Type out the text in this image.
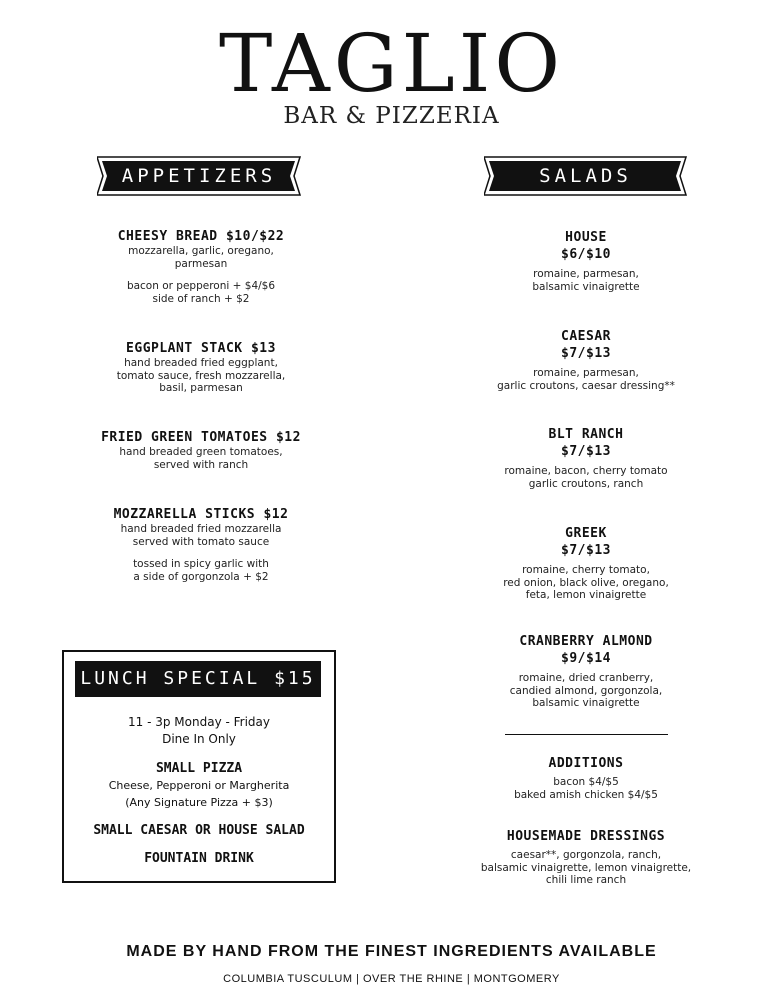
TAGLIO
BAR & PIZZERIA
APPETIZERS	SALADS
CHEESY BREAD $10/$22
mozzarella, garlic, oregano,
parmesan
bacon or pepperoni + $4/$6
side of ranch + $2
EGGPLANT STACK $13
hand breaded fried eggplant,
tomato sauce, fresh mozzarella,
basil, parmesan
FRIED GREEN TOMATOES $12
hand breaded green tomatoes,
served with ranch
MOZZARELLA STICKS $12
hand breaded fried mozzarella
served with tomato sauce
tossed in spicy garlic with
a side of gorgonzola + $2
HOUSE
$6/$10
romaine, parmesan,
balsamic vinaigrette
CAESAR
$7/$13
romaine, parmesan,
garlic croutons, caesar dressing**
BLT RANCH
$7/$13
romaine, bacon, cherry tomato
garlic croutons, ranch
GREEK
$7/$13
romaine, cherry tomato,
red onion, black olive, oregano,
feta, lemon vinaigrette
CRANBERRY ALMOND
$9/$14
romaine, dried cranberry,
candied almond, gorgonzola,
balsamic vinaigrette
ADDITIONS
bacon $4/$5
baked amish chicken $4/$5
HOUSEMADE DRESSINGS
caesar**, gorgonzola, ranch,
balsamic vinaigrette, lemon vinaigrette,
chili lime ranch
LUNCH SPECIAL $15
11 - 3p Monday - Friday
Dine In Only
SMALL PIZZA
Cheese, Pepperoni or Margherita
(Any Signature Pizza + $3)
SMALL CAESAR OR HOUSE SALAD
FOUNTAIN DRINK
MADE BY HAND FROM THE FINEST INGREDIENTS AVAILABLE
COLUMBIA TUSCULUM | OVER THE RHINE | MONTGOMERY
